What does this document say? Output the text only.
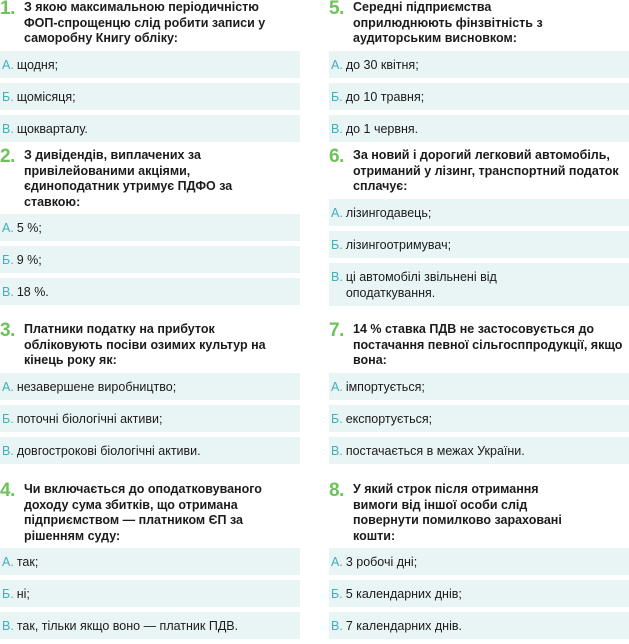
1. З якою максимальною періодичністю ФОП-спрощенцю слід робити записи у саморобну Книгу обліку:
А. щодня;
Б. щомісяця;
В. щокварталу.
2. З дивідендів, виплачених за привілейованими акціями, єдиноподатник утримує ПДФО за ставкою:
А. 5 %;
Б. 9 %;
В. 18 %.
3. Платники податку на прибуток обліковують посіви озимих культур на кінець року як:
А. незавершене виробництво;
Б. поточні біологічні активи;
В. довгострокові біологічні активи.
4. Чи включається до оподатковуваного доходу сума збитків, що отримана підприємством — платником ЄП за рішенням суду:
А. так;
Б. ні;
В. так, тільки якщо воно — платник ПДВ.
5. Середні підприємства оприлюднюють фінзвітність з аудиторським висновком:
А. до 30 квітня;
Б. до 10 травня;
В. до 1 червня.
6. За новий і дорогий легковий автомобіль, отриманий у лізинг, транспортний податок сплачує:
А. лізингодавець;
Б. лізингоотримувач;
В. ці автомобілі звільнені від оподаткування.
7. 14 % ставка ПДВ не застосовується до постачання певної сільгосппродукції, якщо вона:
А. імпортується;
Б. експортується;
В. постачається в межах України.
8. У який строк після отримання вимоги від іншої особи слід повернути помилково зараховані кошти:
А. 3 робочі дні;
Б. 5 календарних днів;
В. 7 календарних днів.
